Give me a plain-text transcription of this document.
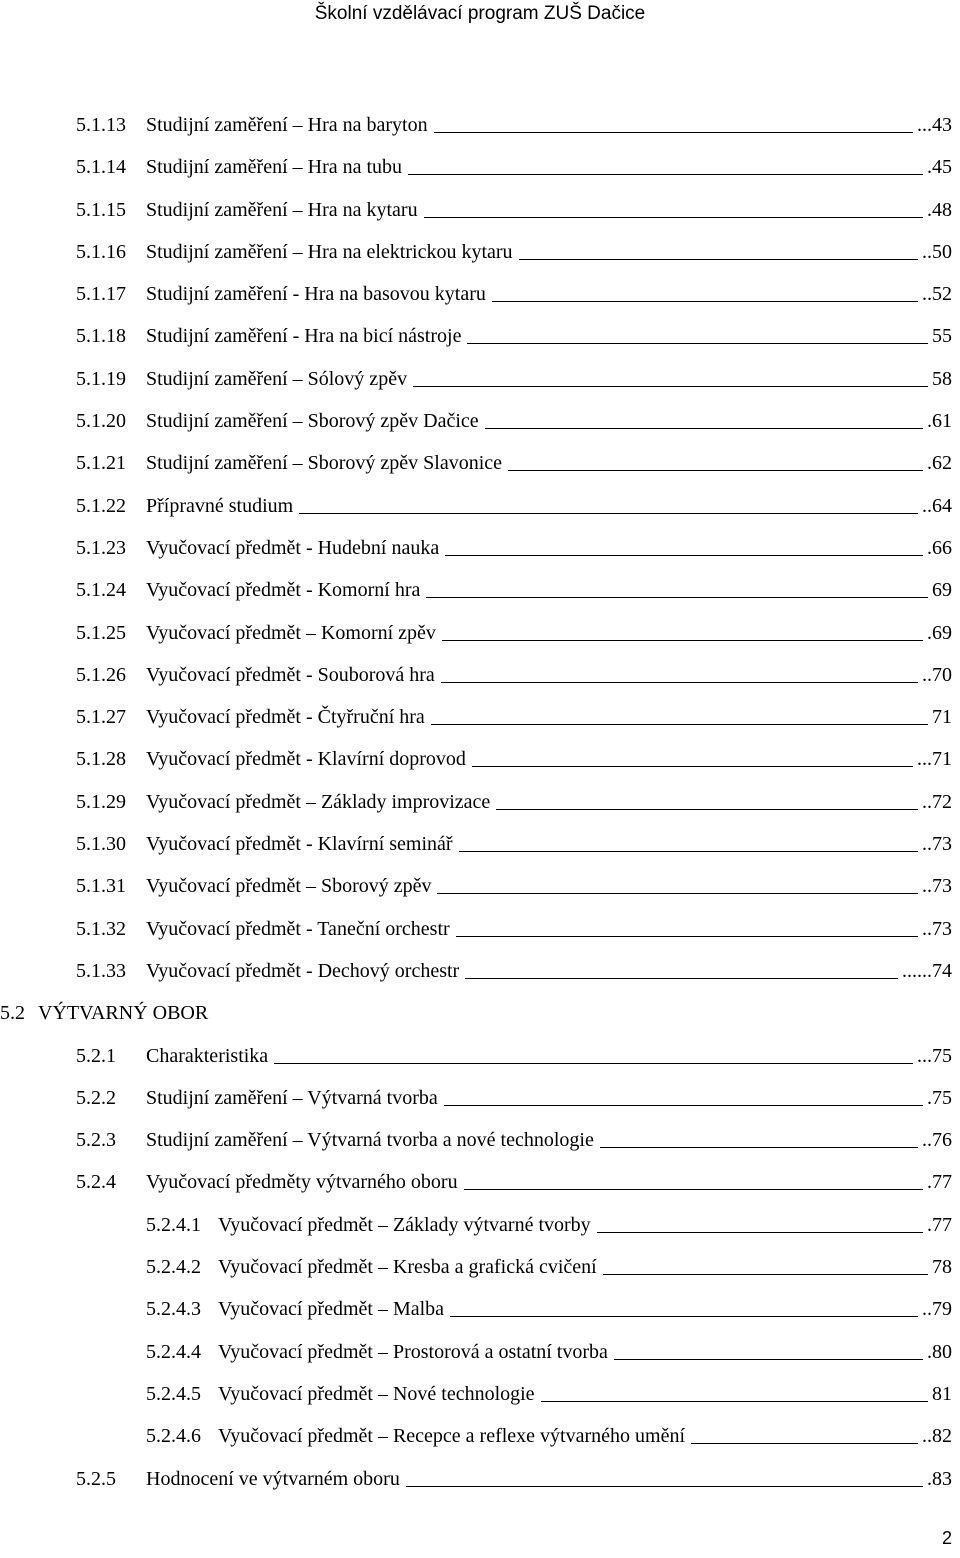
Školní vzdělávací program ZUŠ Dačice
5.1.13 Studijní zaměření – Hra na baryton	...43
5.1.14 Studijní zaměření – Hra na tubu	.45
5.1.15 Studijní zaměření – Hra na kytaru	.48
5.1.16 Studijní zaměření – Hra na elektrickou kytaru	..50
5.1.17 Studijní zaměření - Hra na basovou kytaru	..52
5.1.18 Studijní zaměření - Hra na bicí nástroje	55
5.1.19 Studijní zaměření – Sólový zpěv	58
5.1.20 Studijní zaměření – Sborový zpěv Dačice	.61
5.1.21 Studijní zaměření – Sborový zpěv Slavonice	.62
5.1.22 Přípravné studium	..64
5.1.23 Vyučovací předmět - Hudební nauka	.66
5.1.24 Vyučovací předmět - Komorní hra	69
5.1.25 Vyučovací předmět – Komorní zpěv	.69
5.1.26 Vyučovací předmět - Souborová hra	..70
5.1.27 Vyučovací předmět - Čtyřruční hra	71
5.1.28 Vyučovací předmět - Klavírní doprovod	...71
5.1.29 Vyučovací předmět – Základy improvizace	..72
5.1.30 Vyučovací předmět - Klavírní seminář	..73
5.1.31 Vyučovací předmět – Sborový zpěv	..73
5.1.32 Vyučovací předmět - Taneční orchestr	..73
5.1.33 Vyučovací předmět - Dechový orchestr	......74
5.2 VÝTVARNÝ OBOR
5.2.1 Charakteristika	...75
5.2.2 Studijní zaměření – Výtvarná tvorba	.75
5.2.3 Studijní zaměření – Výtvarná tvorba a nové technologie	..76
5.2.4 Vyučovací předměty výtvarného oboru	.77
5.2.4.1 Vyučovací předmět – Základy výtvarné tvorby	.77
5.2.4.2 Vyučovací předmět – Kresba a grafická cvičení	78
5.2.4.3 Vyučovací předmět – Malba	..79
5.2.4.4 Vyučovací předmět – Prostorová a ostatní tvorba	.80
5.2.4.5 Vyučovací předmět – Nové technologie	81
5.2.4.6 Vyučovací předmět – Recepce a reflexe výtvarného umění	..82
5.2.5 Hodnocení ve výtvarném oboru	.83
2
